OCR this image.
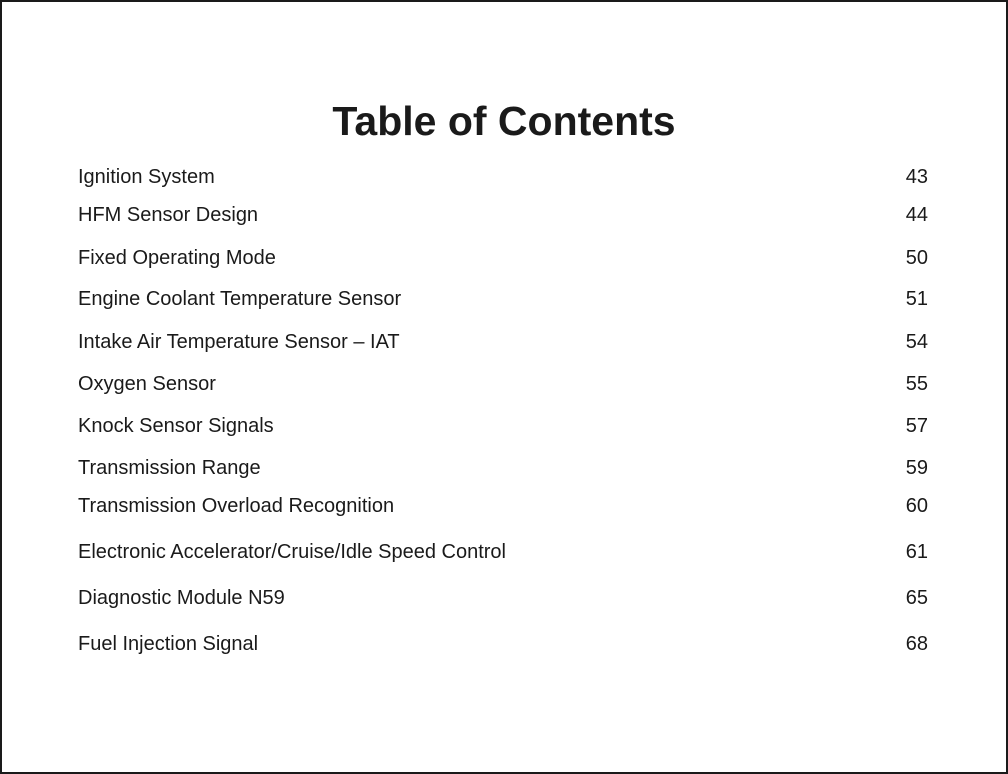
Table of Contents
Ignition System	43
HFM Sensor Design	44
Fixed Operating Mode	50
Engine Coolant Temperature Sensor	51
Intake Air Temperature Sensor – IAT	54
Oxygen Sensor	55
Knock Sensor Signals	57
Transmission Range	59
Transmission Overload Recognition	60
Electronic Accelerator/Cruise/Idle Speed Control	61
Diagnostic Module N59	65
Fuel Injection Signal	68
